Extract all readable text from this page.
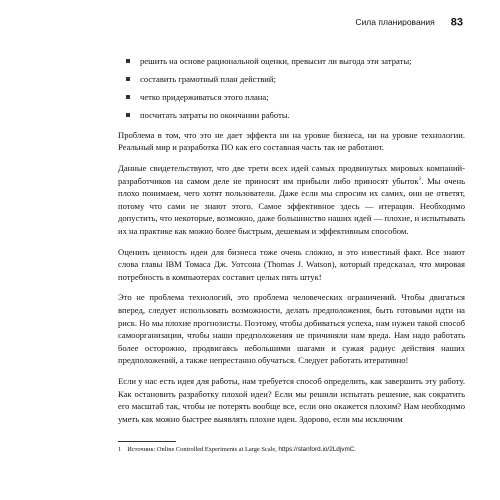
Сила планирования 83
решить на основе рациональной оценки, превысит ли выгода эти затраты;
составить грамотный план действий;
четко придерживаться этого плана;
посчитать затраты по окончании работы.

Проблема в том, что это не дает эффекта ни на уровне бизнеса, ни на уровне технологии. Реальный мир и разработка ПО как его составная часть так не работают.

Данные свидетельствуют, что две трети всех идей самых продвинутых мировых компаний-разработчиков на самом деле не приносят им прибыли либо приносят убыток$^1$. Мы очень плохо понимаем, чего хотят пользователи. Даже если мы спросим их самих, они не ответят, потому что сами не знают этого. Самое эффективное здесь — итерация. Необходимо допустить, что некоторые, возможно, даже большинство наших идей — плохие, и испытывать их на практике как можно более быстрым, дешевым и эффективным способом.

Оценить ценность идеи для бизнеса тоже очень сложно, и это известный факт. Все знают слова главы IBM Томаса Дж. Уотсона (Thomas J. Watson), который предсказал, что мировая потребность в компьютерах составит целых пять штук!

Это не проблема технологий, это проблема человеческих ограничений. Чтобы двигаться вперед, следует использовать возможности, делать предположения, быть готовыми идти на риск. Но мы плохие прогнозисты. Поэтому, чтобы добиваться успеха, нам нужен такой способ самоорганизации, чтобы наши предположения не причиняли нам вреда. Нам надо работать более осторожно, продвигаясь небольшими шагами и сужая радиус действия наших предположений, а также непрестанно обучаться. Следует работать итеративно!

Если у нас есть идея для работы, нам требуется способ определить, как завершить эту работу. Как остановить разработку плохой идеи? Если мы решили испытать решение, как сократить его масштаб так, чтобы не потерять вообще все, если оно окажется плохим? Нам необходимо уметь как можно быстрее выявлять плохие идеи. Здорово, если мы исключим

1 Источник: Online Controlled Experiments at Large Scale, https://stanford.io/2LdjvmC.
